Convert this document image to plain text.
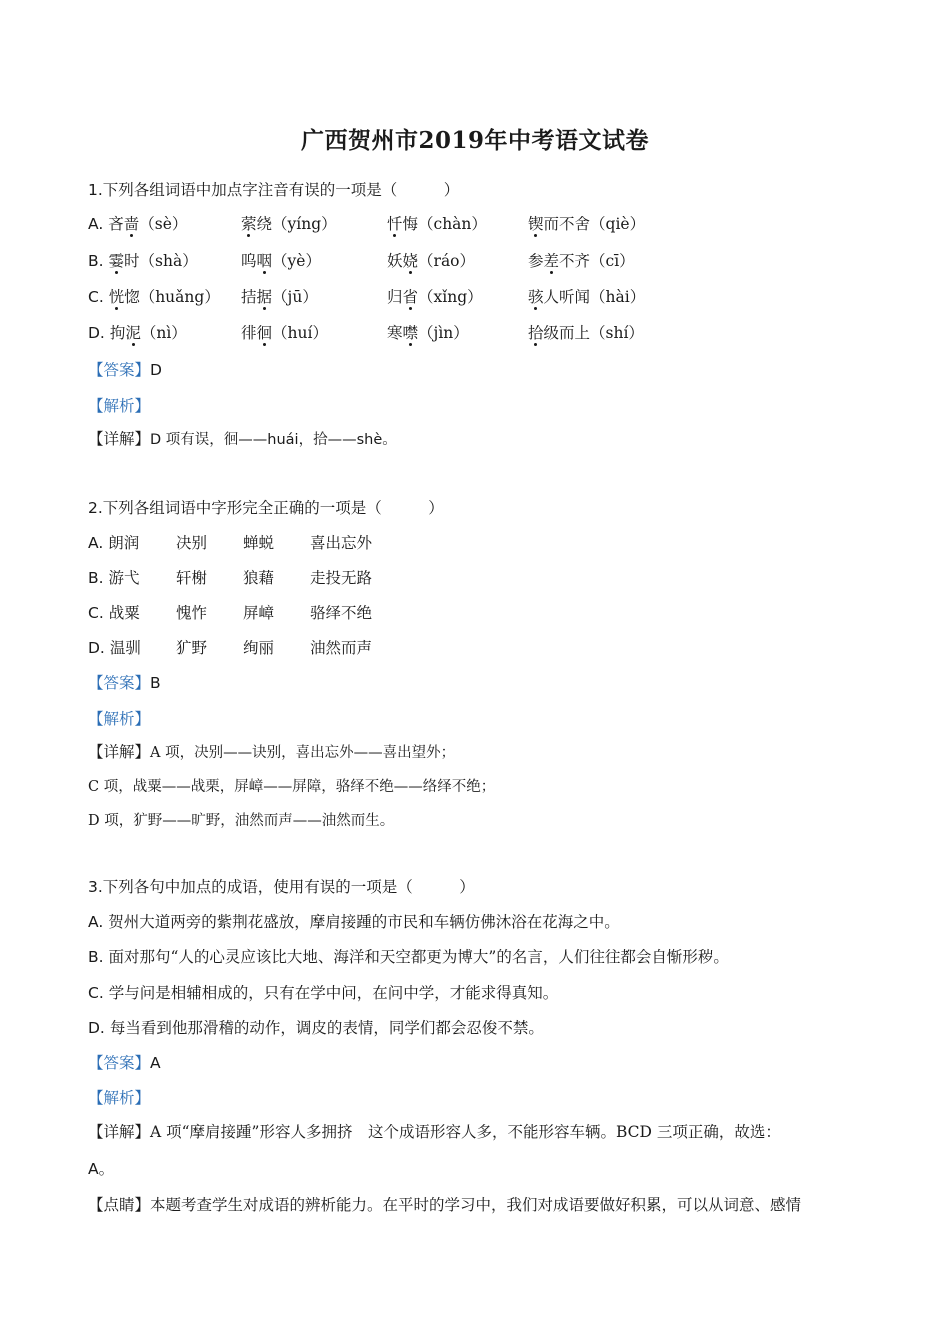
广西贺州市2019年中考语文试卷
1.下列各组词语中加点字注音有误的一项是（　　　）
A. 吝啬（sè）	萦绕（yíng）	忏悔（chàn）	锲而不舍（qiè）
B. 霎时（shà）	呜咽（yè）	妖娆（ráo）	参差不齐（cī）
C. 恍惚（huǎng） 拮据（jū）	归省（xǐng）	骇人听闻（hài）
D. 拘泥（nì）	徘徊（huí）	寒噤（jìn）	拾级而上（shí）
【答案】D
【解析】
【详解】D 项有误，徊——huái，拾——shè。
2.下列各组词语中字形完全正确的一项是（　　　）
A. 朗润 决别 蝉蜕 喜出忘外
B. 游弋 轩榭 狼藉 走投无路
C. 战粟 愧怍 屏嶂 骆绎不绝
D. 温驯 犷野 绚丽 油然而声
【答案】B
【解析】
【详解】A 项，决别——诀别，喜出忘外——喜出望外；
C 项，战粟——战栗，屏嶂——屏障，骆绎不绝——络绎不绝；
D 项，犷野——旷野，油然而声——油然而生。
3.下列各句中加点的成语，使用有误的一项是（　　　）
A. 贺州大道两旁的紫荆花盛放，摩肩接踵的市民和车辆仿佛沐浴在花海之中。
B. 面对那句“人的心灵应该比大地、海洋和天空都更为博大”的名言，人们往往都会自惭形秽。
C. 学与问是相辅相成的，只有在学中问，在问中学，才能求得真知。
D. 每当看到他那滑稽的动作，调皮的表情，同学们都会忍俊不禁。
【答案】A
【解析】
【详解】A 项“摩肩接踵”形容人多拥挤　这个成语形容人多，不能形容车辆。BCD 三项正确，故选：
A。
【点睛】本题考查学生对成语的辨析能力。在平时的学习中，我们对成语要做好积累，可以从词意、感情
